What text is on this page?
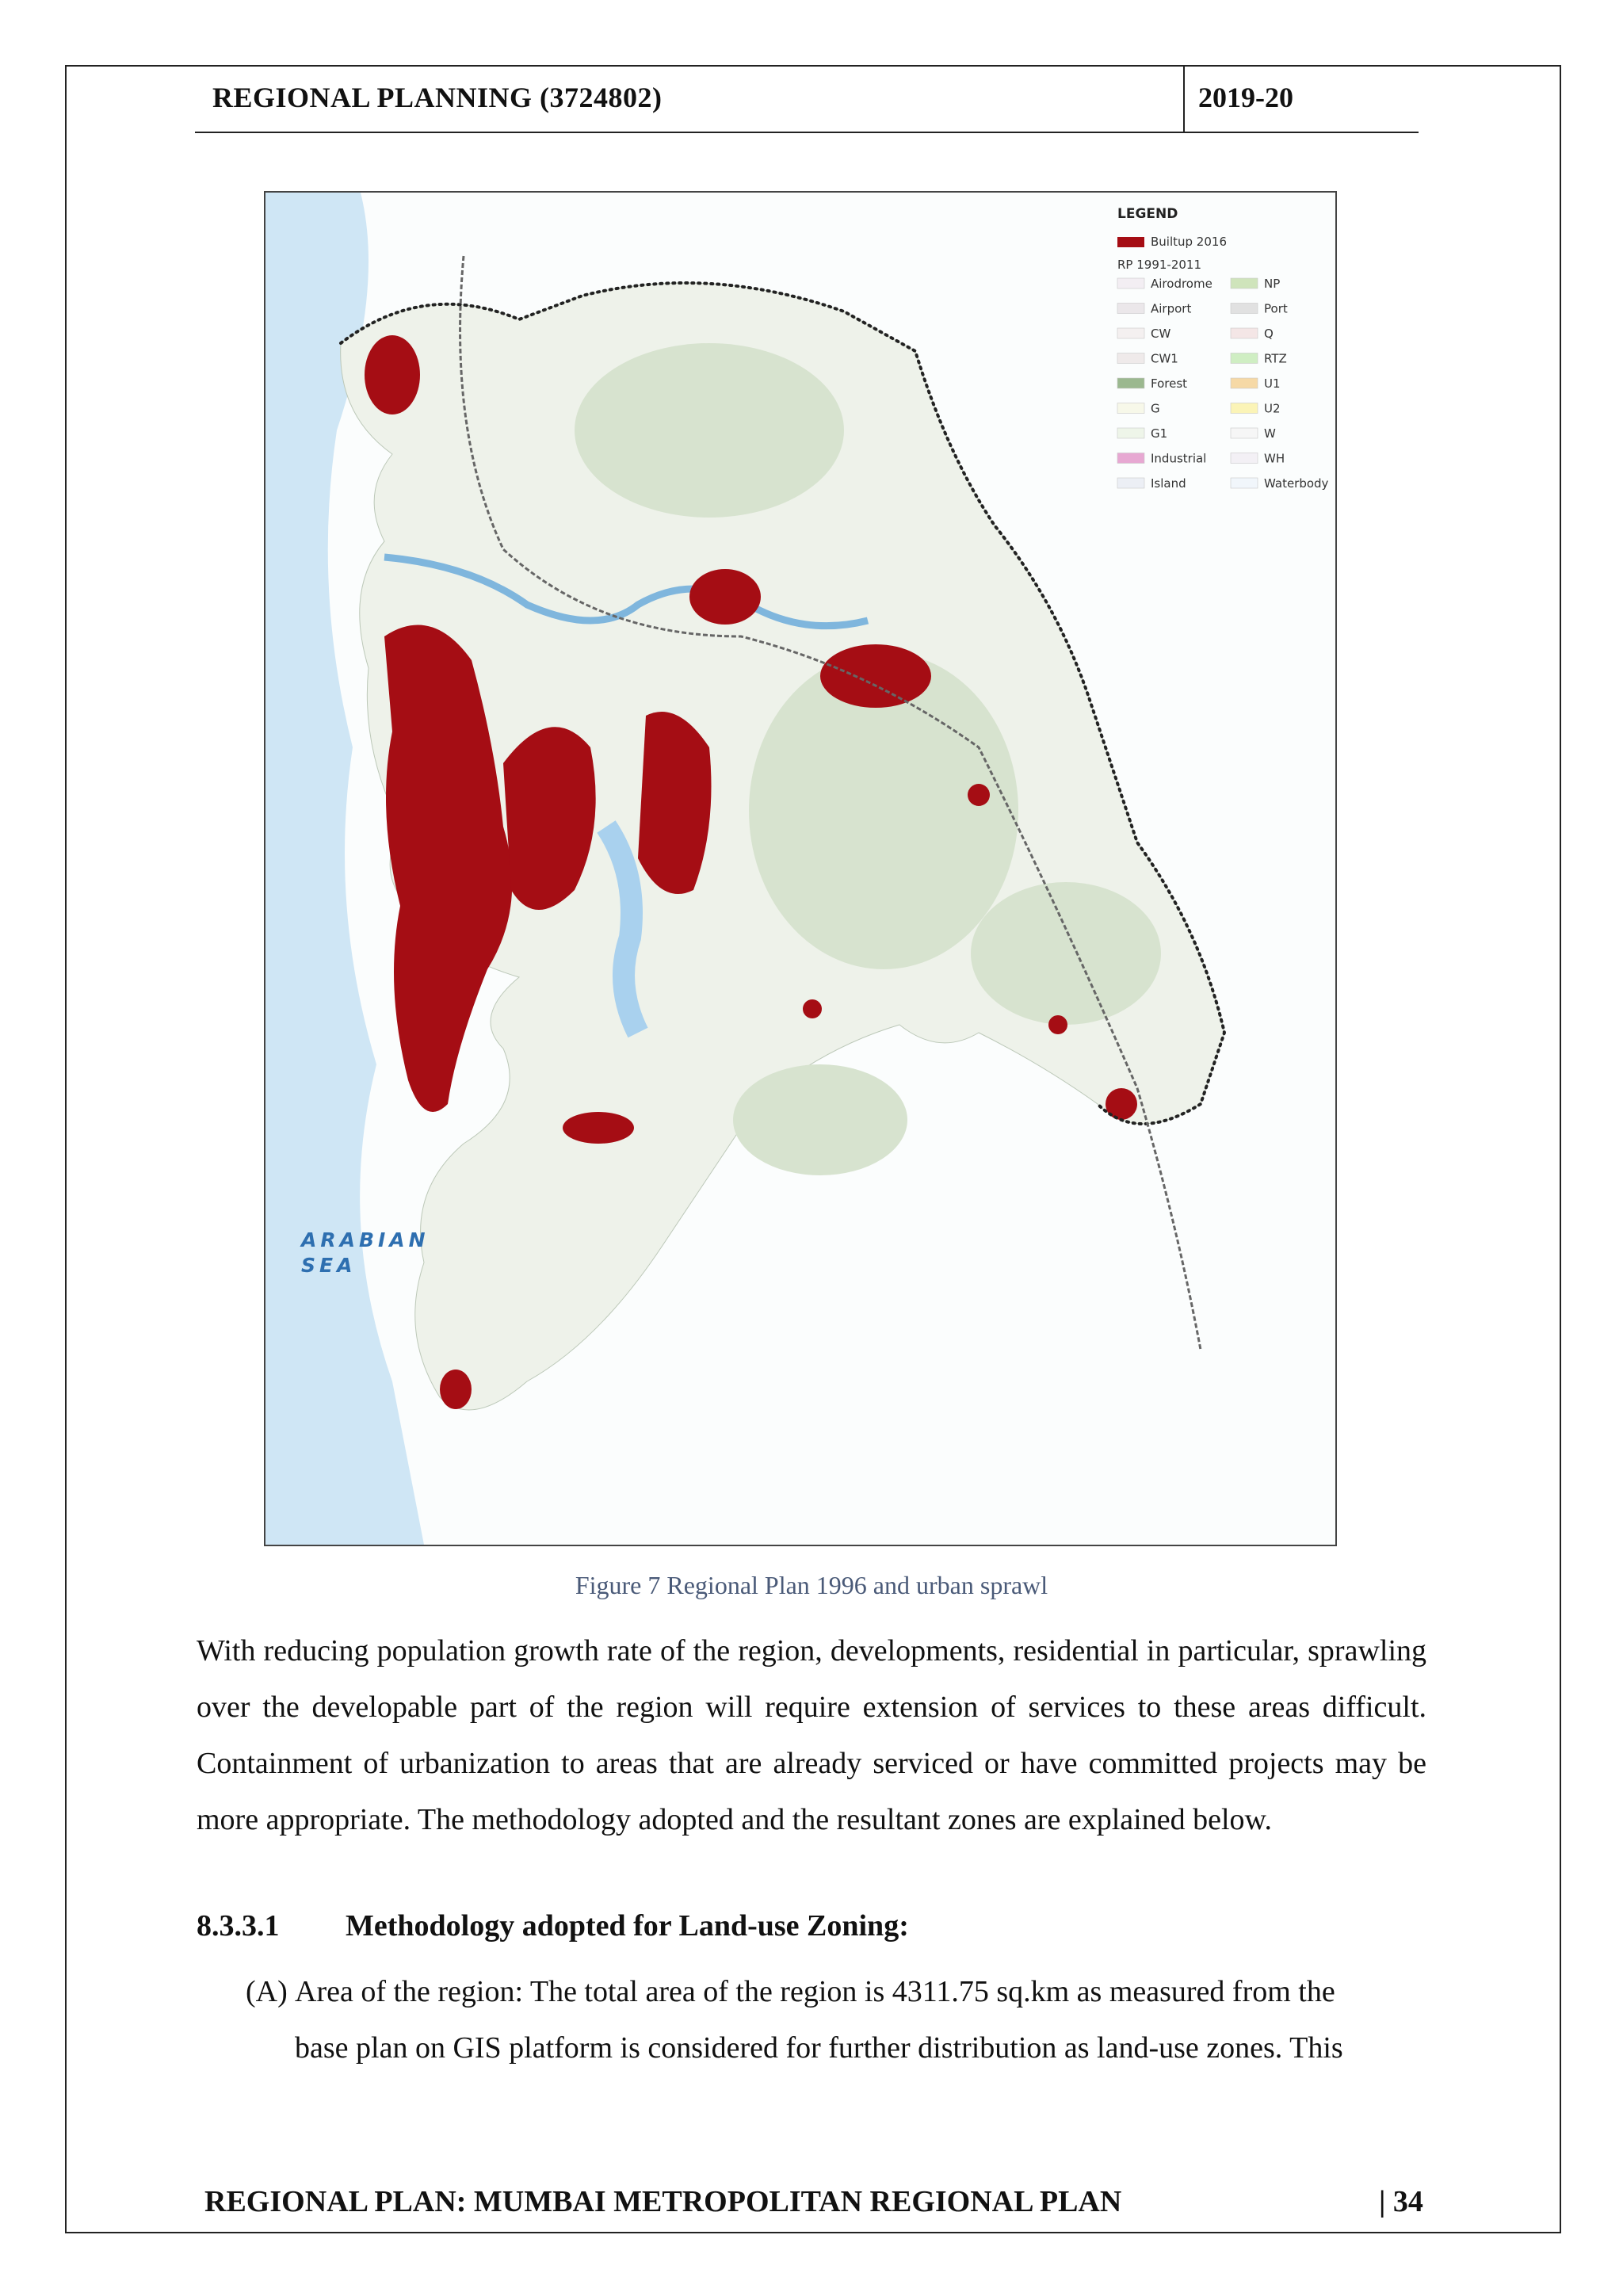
REGIONAL PLANNING (3724802)	2019-20
ARABIAN
SEA
LEGEND
Builtup 2016
RP 1991-2011
Airodrome
Airport
CW
CW1
Forest
G
G1
Industrial
Island
NP
Port
Q
RTZ
U1
U2
W
WH
Waterbody
Figure 7 Regional Plan 1996 and urban sprawl
With reducing population growth rate of the region, developments, residential in particular, sprawling over the developable part of the region will require extension of services to these areas difficult. Containment of urbanization to areas that are already serviced or have committed projects may be more appropriate. The methodology adopted and the resultant zones are explained below.
8.3.3.1 Methodology adopted for Land-use Zoning:
(A) Area of the region: The total area of the region is 4311.75 sq.km as measured from the
base plan on GIS platform is considered for further distribution as land-use zones. This
REGIONAL PLAN: MUMBAI METROPOLITAN REGIONAL PLAN	| 34
